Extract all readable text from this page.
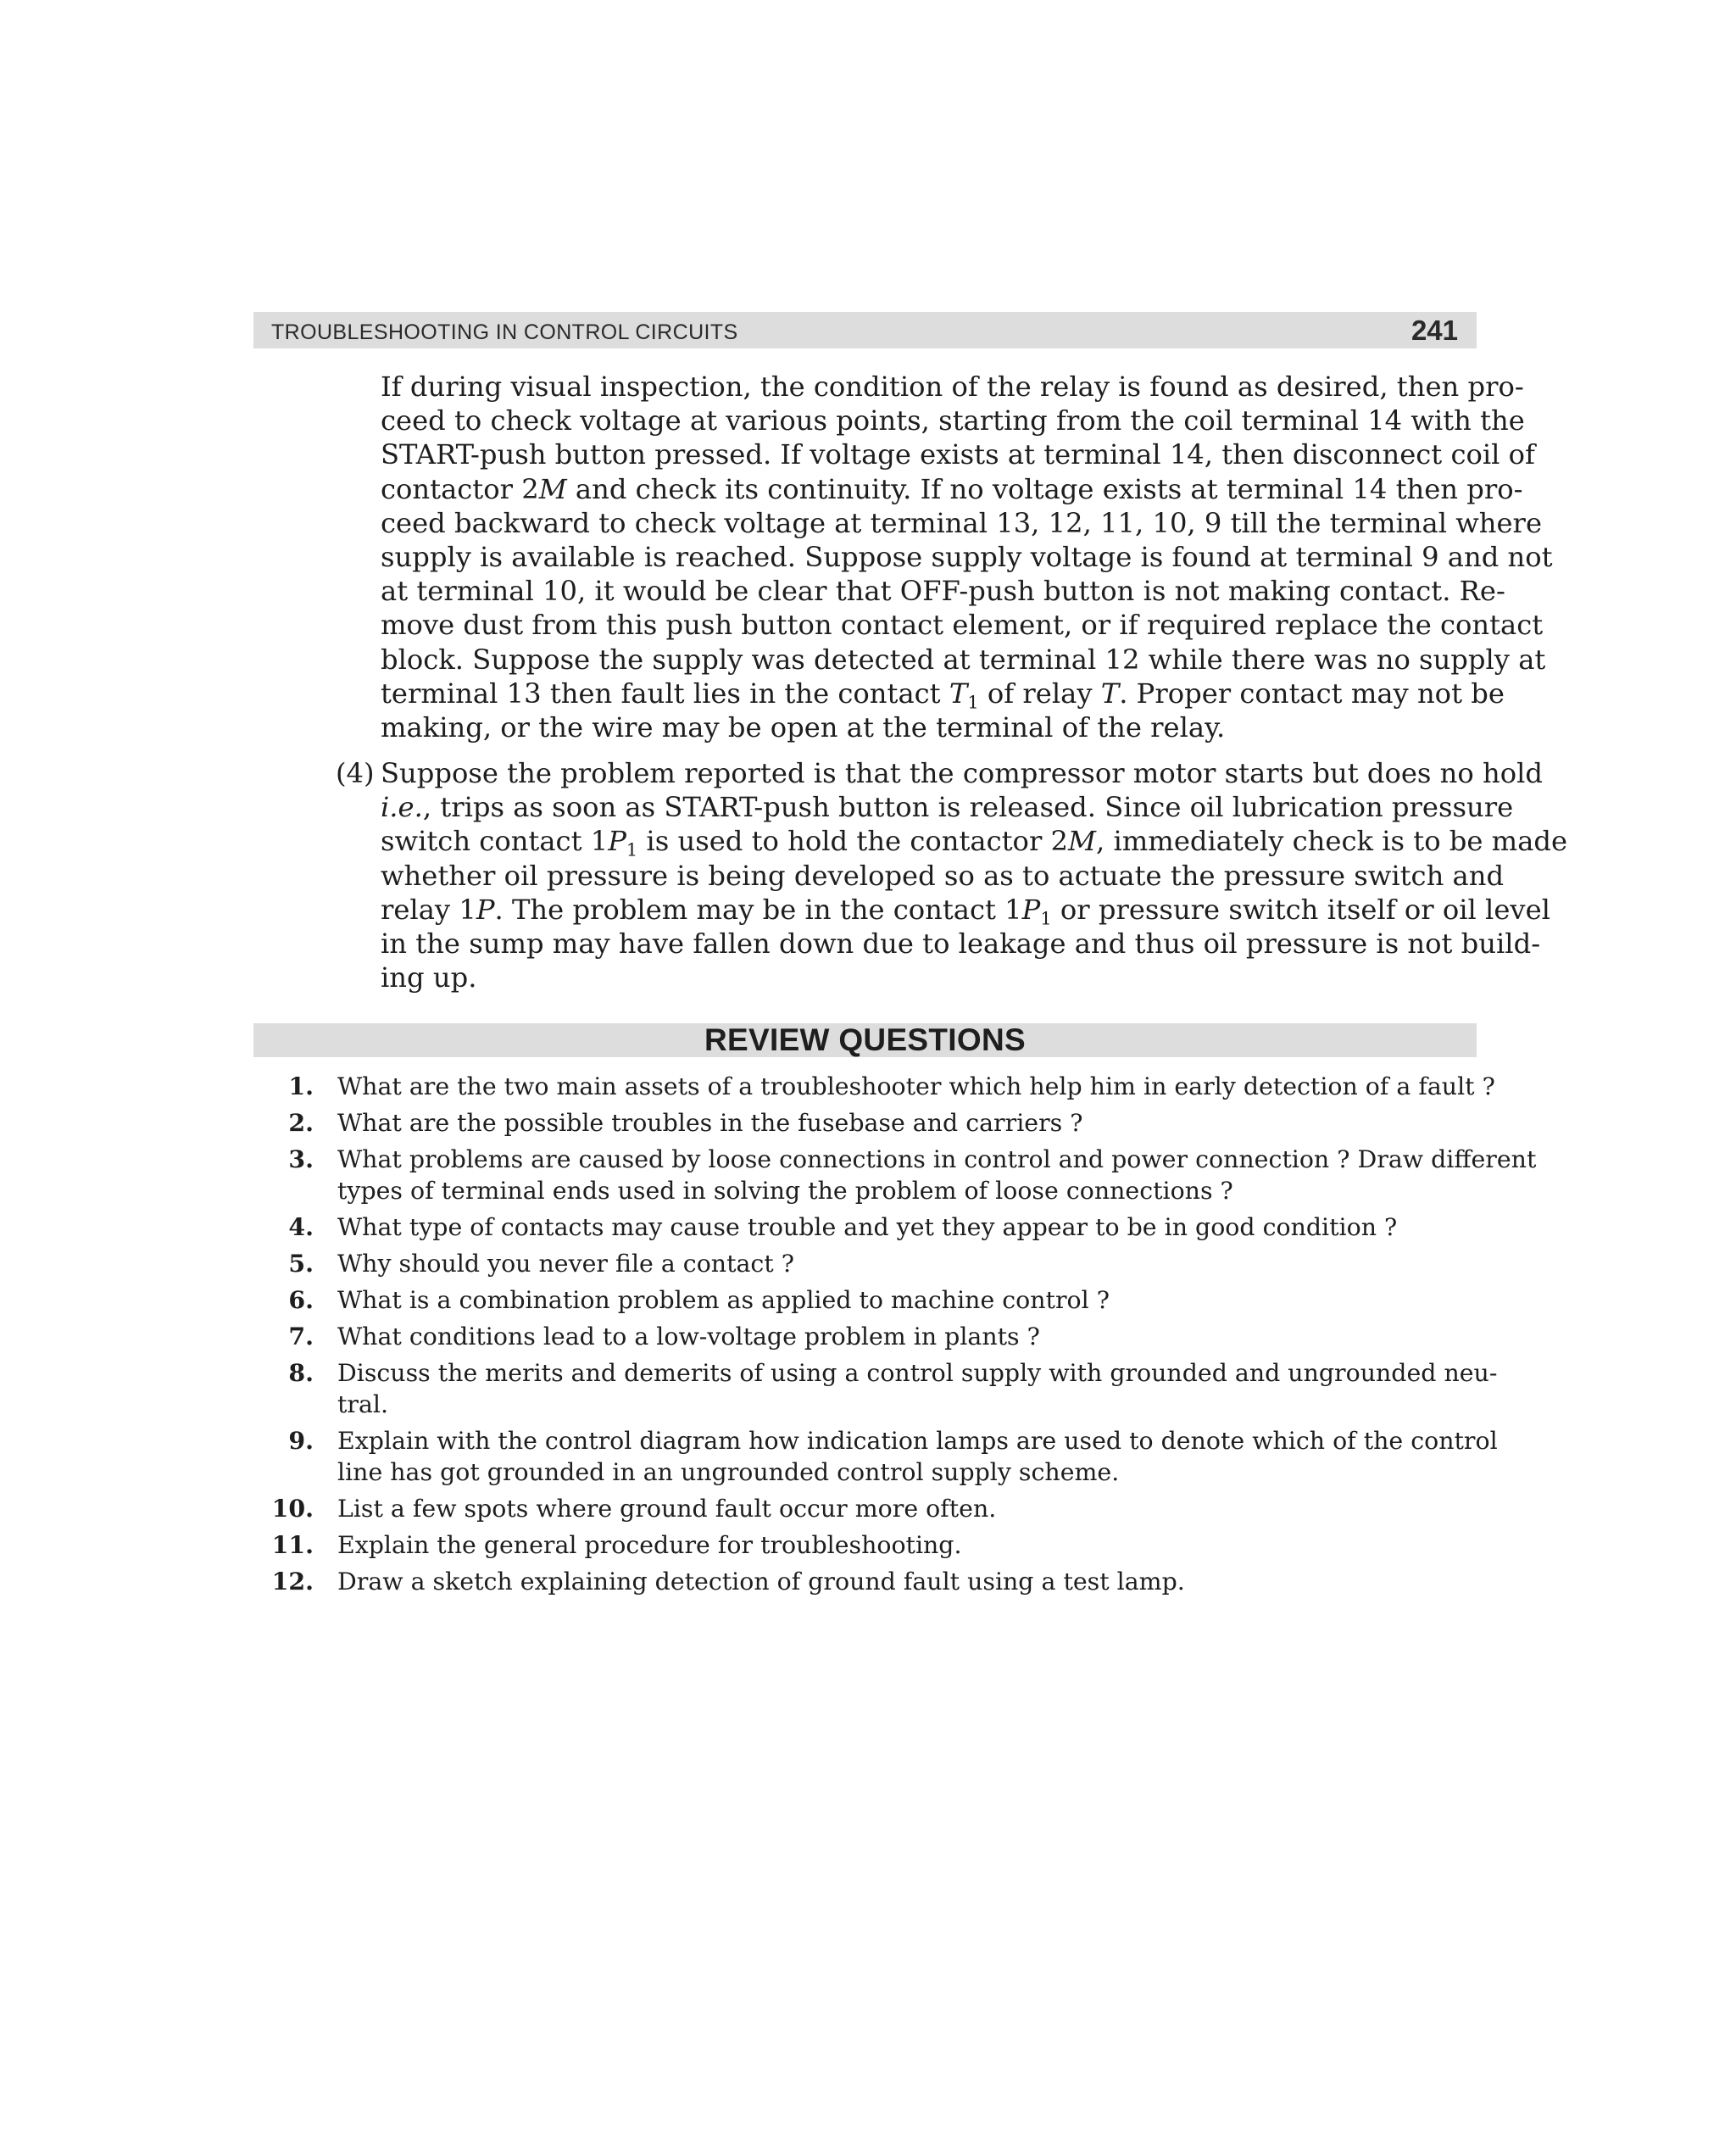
TROUBLESHOOTING IN CONTROL CIRCUITS	241
If during visual inspection, the condition of the relay is found as desired, then pro-
ceed to check voltage at various points, starting from the coil terminal 14 with the
START-push button pressed. If voltage exists at terminal 14, then disconnect coil of
contactor 2M and check its continuity. If no voltage exists at terminal 14 then pro-
ceed backward to check voltage at terminal 13, 12, 11, 10, 9 till the terminal where
supply is available is reached. Suppose supply voltage is found at terminal 9 and not
at terminal 10, it would be clear that OFF-push button is not making contact. Re-
move dust from this push button contact element, or if required replace the contact
block. Suppose the supply was detected at terminal 12 while there was no supply at
terminal 13 then fault lies in the contact $T_1$ of relay T. Proper contact may not be
making, or the wire may be open at the terminal of the relay.
(4) Suppose the problem reported is that the compressor motor starts but does no hold
i.e., trips as soon as START-push button is released. Since oil lubrication pressure
switch contact $1P_1$ is used to hold the contactor 2M, immediately check is to be made
whether oil pressure is being developed so as to actuate the pressure switch and
relay 1P. The problem may be in the contact $1P_1$ or pressure switch itself or oil level
in the sump may have fallen down due to leakage and thus oil pressure is not build-
ing up.
REVIEW QUESTIONS
1. What are the two main assets of a troubleshooter which help him in early detection of a fault ?
2. What are the possible troubles in the fusebase and carriers ?
3. What problems are caused by loose connections in control and power connection ? Draw different
types of terminal ends used in solving the problem of loose connections ?
4. What type of contacts may cause trouble and yet they appear to be in good condition ?
5. Why should you never file a contact ?
6. What is a combination problem as applied to machine control ?
7. What conditions lead to a low-voltage problem in plants ?
8. Discuss the merits and demerits of using a control supply with grounded and ungrounded neu-
tral.
9. Explain with the control diagram how indication lamps are used to denote which of the control
line has got grounded in an ungrounded control supply scheme.
10. List a few spots where ground fault occur more often.
11. Explain the general procedure for troubleshooting.
12. Draw a sketch explaining detection of ground fault using a test lamp.
